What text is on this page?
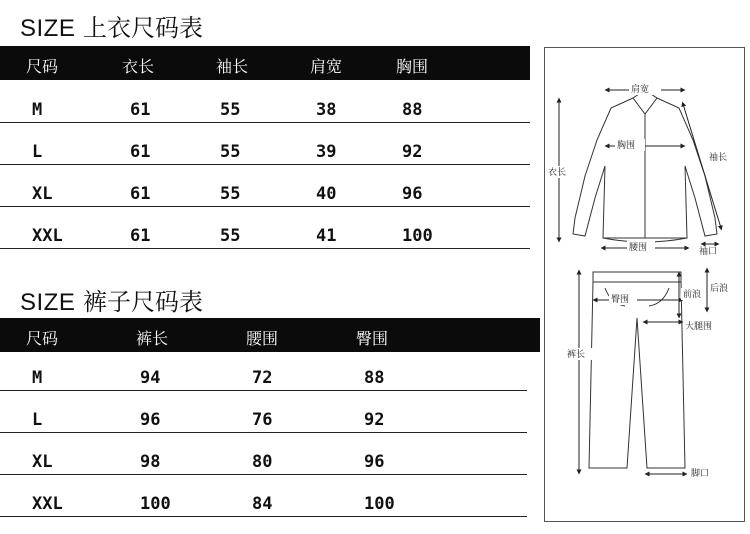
SIZE 上衣尺码表
尺码	衣长	袖长	肩宽	胸围
M	61	55	38	88
L	61	55	39	92
XL	61	55	40	96
XXL	61	55	41	100
SIZE 裤子尺码表
尺码	裤长	腰围	臀围
M	94	72	88
L	96	76	92
XL	98	80	96
XXL	100	84	100
肩宽
胸围
衣长
袖长
腰围	袖口
裤长
臀围	前浪
后浪
大腿围
脚口
